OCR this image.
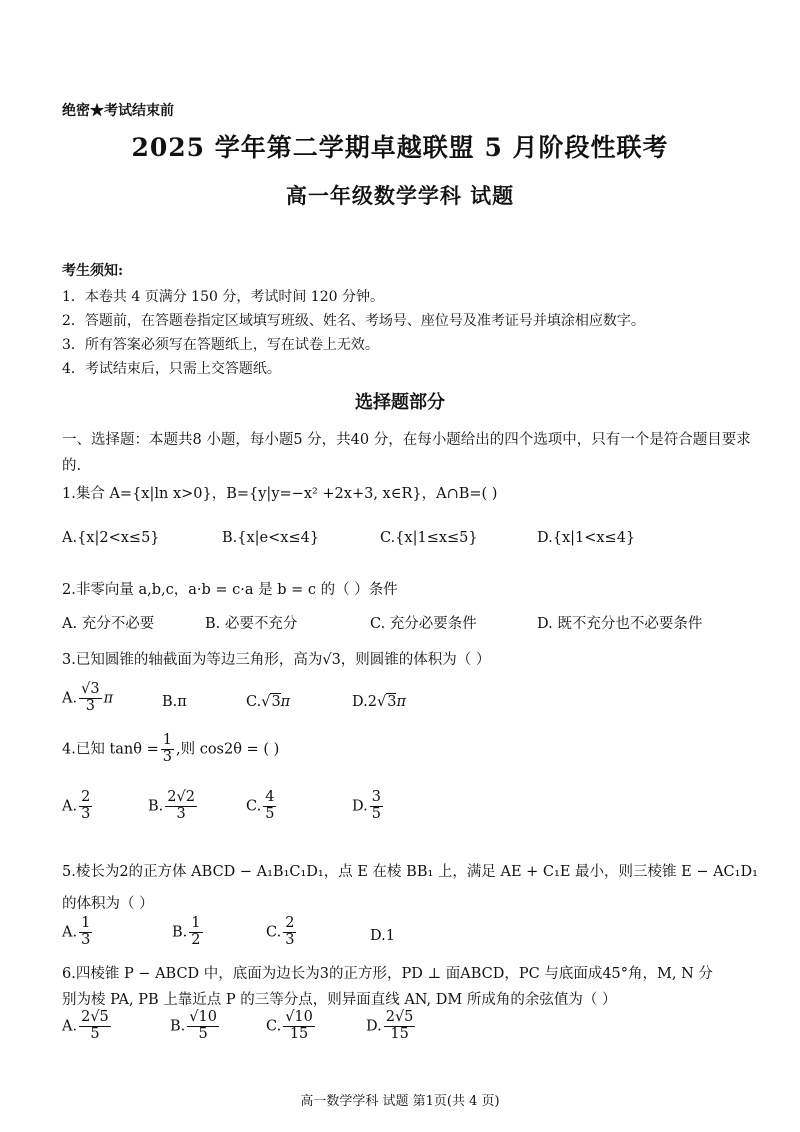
绝密★考试结束前
2025 学年第二学期卓越联盟 5 月阶段性联考
高一年级数学学科 试题
考生须知:
1．本卷共 4 页满分 150 分，考试时间 120 分钟。
2．答题前，在答题卷指定区域填写班级、姓名、考场号、座位号及准考证号并填涂相应数字。
3．所有答案必须写在答题纸上，写在试卷上无效。
4．考试结束后，只需上交答题纸。
选择题部分
一、选择题：本题共8 小题，每小题5 分，共40 分，在每小题给出的四个选项中，只有一个是符合题目要求的.
1.集合 A={x|ln x>0}，B={y|y=−x² +2x+3, x∈R}，A∩B=( )
A.{x|2<x≤5}	B.{x|e<x≤4}	C.{x|1≤x≤5}	D.{x|1<x≤4}
2.非零向量 a,b,c，a·b = c·a 是 b = c 的（ ）条件
A. 充分不必要	B. 必要不充分	C. 充分必要条件	D. 既不充分也不必要条件
3.已知圆锥的轴截面为等边三角形，高为√3，则圆锥的体积为（ ）
A. $\frac{√3}{3}$ π	B.π	C.√3π	D.2√3π
4.已知 $\tan\theta = \frac{1}{3}$ ,则 cos2θ = ( )
A. $\frac{2}{3}$	B. $\frac{2√2}{3}$	C. $\frac{4}{5}$	D. $\frac{3}{5}$
5.棱长为2的正方体 ABCD − A₁B₁C₁D₁，点 E 在棱 BB₁ 上，满足 AE + C₁E 最小，则三棱锥 E − AC₁D₁
的体积为（ ）
A. $\frac{1}{3}$	B. $\frac{1}{2}$	C. $\frac{2}{3}$	D.1
6.四棱锥 P − ABCD 中，底面为边长为3的正方形，PD ⊥ 面ABCD，PC 与底面成45°角，M, N 分
别为棱 PA, PB 上靠近点 P 的三等分点，则异面直线 AN, DM 所成角的余弦值为（ ）
A. $\frac{2√5}{5}$	B. $\frac{√10}{5}$	C. $\frac{√10}{15}$	D. $\frac{2√5}{15}$
高一数学学科 试题 第1页(共 4 页)
